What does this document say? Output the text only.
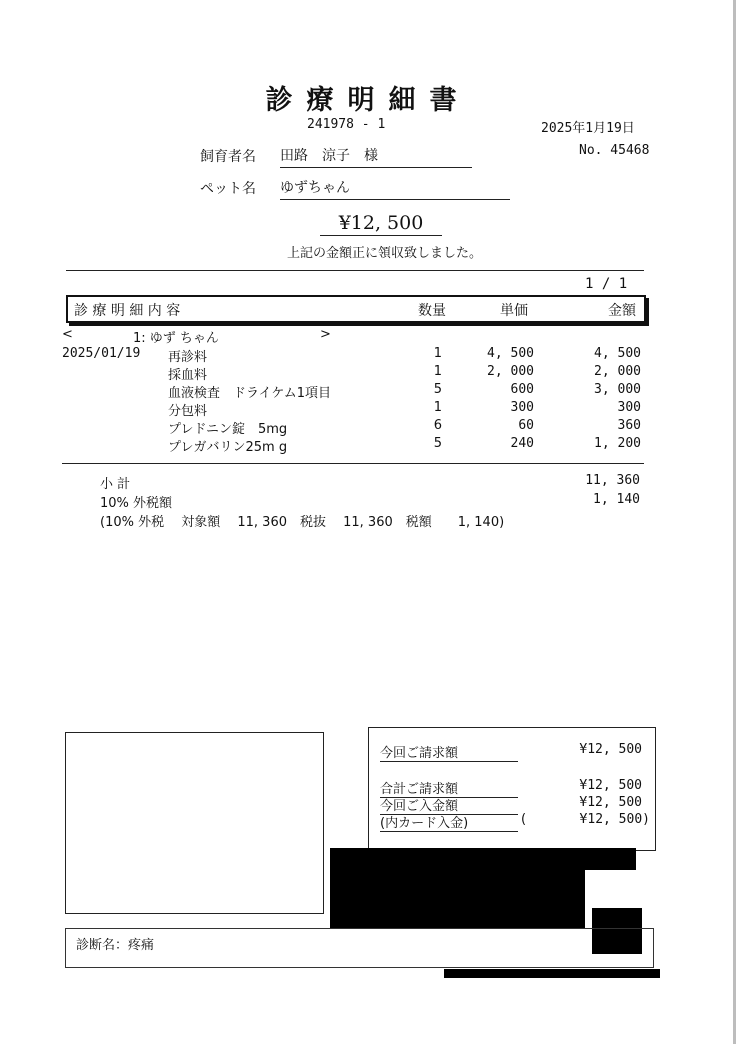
診療明細書
241978 - 1	2025年1月19日
No. 45468
飼育者名 田路　涼子　様
ペット名 ゆずちゃん
¥12, 500
上記の金額正に領収致しました。
1 / 1
診 療 明 細 内 容	数量	単価	金額
<	1: ゆず ちゃん	>
2025/01/19 再診料	1	4, 500	4, 500
採血料	1	2, 000	2, 000
血液検査　ドライケム1項目	5	600	3, 000
分包料	1	300	300
プレドニン錠　5mg	6	60	360
プレガバリン25m g	5	240	1, 200
小 計	11, 360
10% 外税額	1, 140
(10% 外税　 対象額　 11, 360　税抜　 11, 360　税額　　1, 140)
今回ご請求額	¥12, 500
合計ご請求額	¥12, 500
今回ご入金額	¥12, 500
(内カード入金)	(	¥12, 500)
診断名：疼痛
